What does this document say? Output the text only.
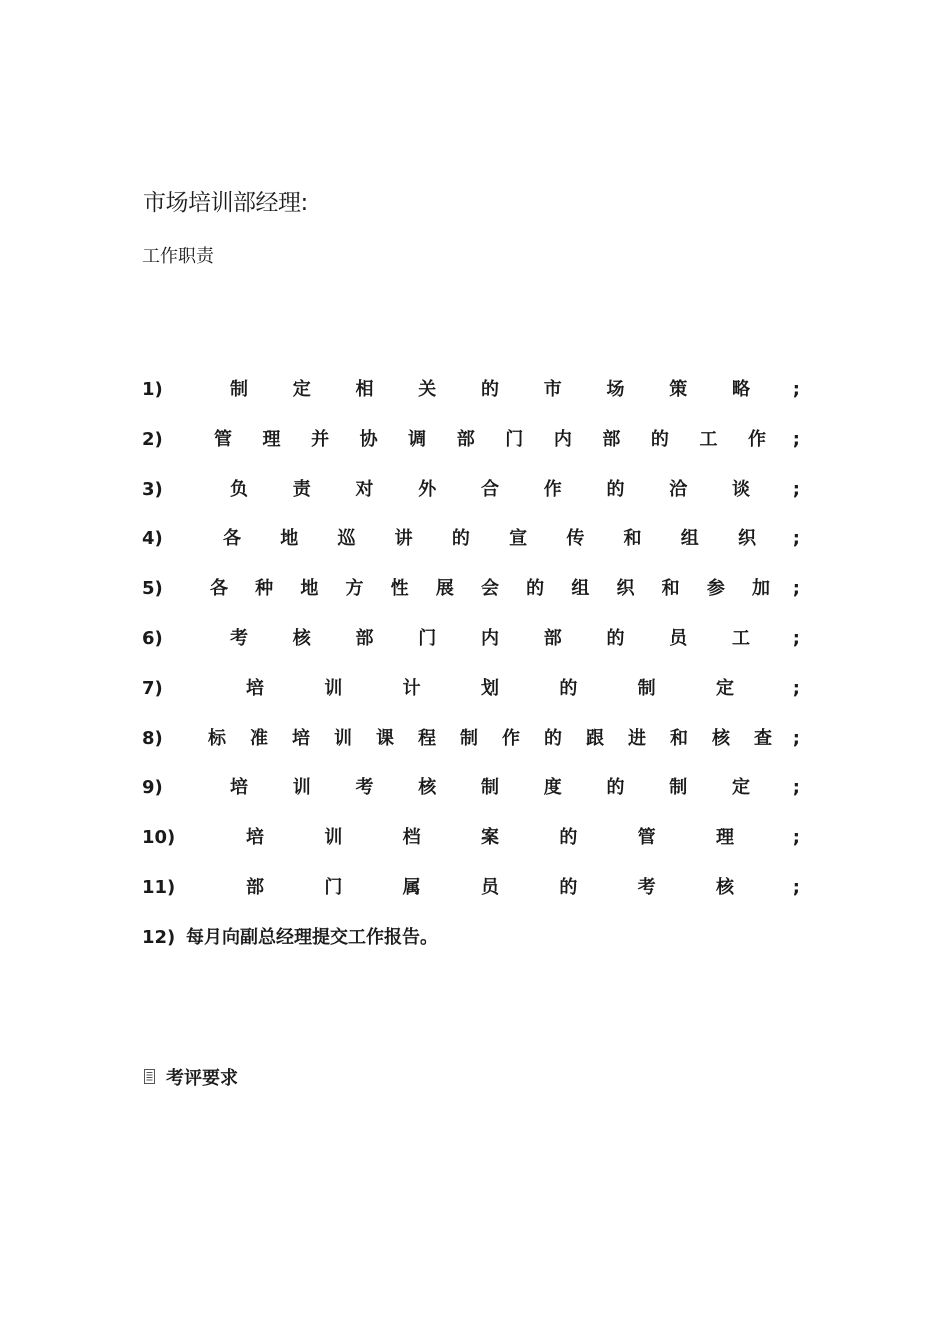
市场培训部经理:
工作职责
1)	制 定 相 关 的 市 场 策 略 ;
2)	管 理 并 协 调 部 门 内 部 的 工 作 ;
3)	负 责 对 外 合 作 的 洽 谈 ;
4)	各 地 巡 讲 的 宣 传 和 组 织 ;
5)	各 种 地 方 性 展 会 的 组 织 和 参 加 ;
6)	考 核 部 门 内 部 的 员 工 ;
7)	培 训 计 划 的 制 定	;
8)	标 准 培 训 课 程 制 作 的 跟 进 和 核 查 ;
9)	培 训 考 核 制 度 的 制 定 ;
10)	培 训 档 案 的 管 理	;
11)	部 门 属 员 的 考 核	;
12) 每月向副总经理提交工作报告。
考评要求
